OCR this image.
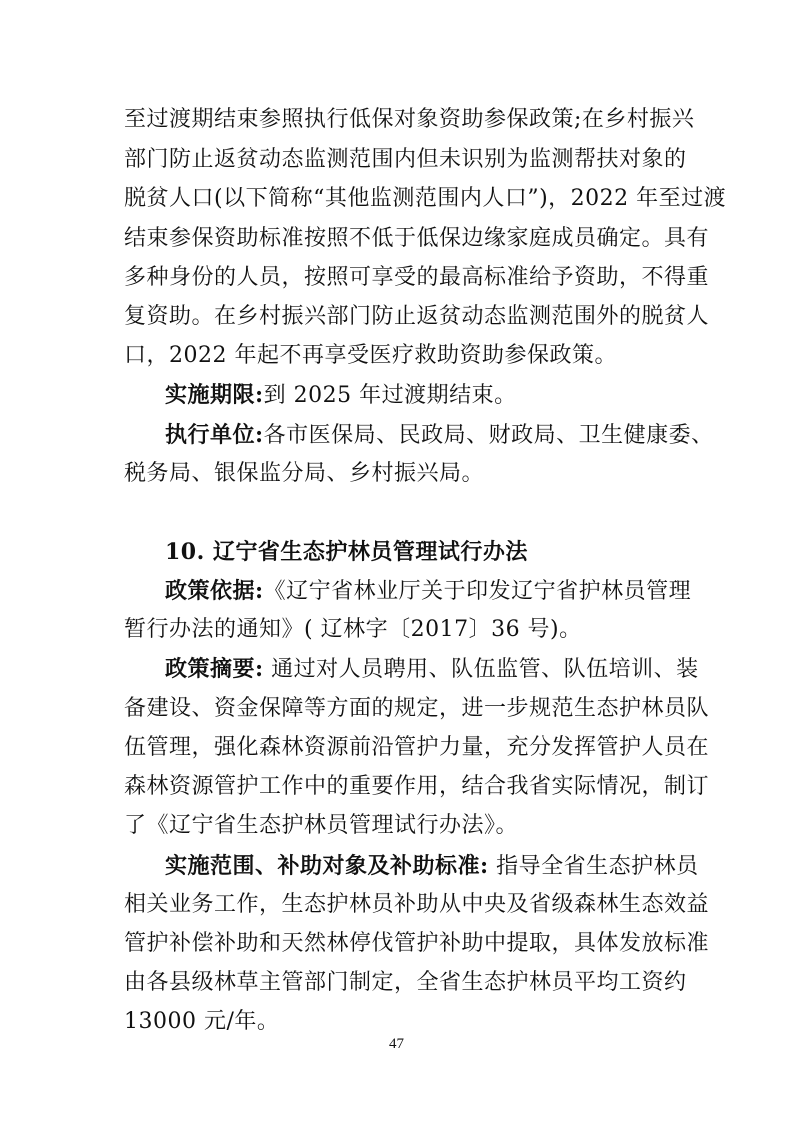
至过渡期结束参照执行低保对象资助参保政策;在乡村振兴
部门防止返贫动态监测范围内但未识别为监测帮扶对象的
脱贫人口(以下简称“其他监测范围内人口”)，2022 年至过渡
结束参保资助标准按照不低于低保边缘家庭成员确定。具有
多种身份的人员，按照可享受的最高标准给予资助，不得重
复资助。在乡村振兴部门防止返贫动态监测范围外的脱贫人
口，2022 年起不再享受医疗救助资助参保政策。
实施期限:到 2025 年过渡期结束。
执行单位:各市医保局、民政局、财政局、卫生健康委、
税务局、银保监分局、乡村振兴局。
10. 辽宁省生态护林员管理试行办法
政策依据:《辽宁省林业厅关于印发辽宁省护林员管理
暂行办法的通知》( 辽林字〔2017〕36 号)。
政策摘要: 通过对人员聘用、队伍监管、队伍培训、装
备建设、资金保障等方面的规定，进一步规范生态护林员队
伍管理，强化森林资源前沿管护力量，充分发挥管护人员在
森林资源管护工作中的重要作用，结合我省实际情况，制订
了《辽宁省生态护林员管理试行办法》。
实施范围、补助对象及补助标准: 指导全省生态护林员
相关业务工作，生态护林员补助从中央及省级森林生态效益
管护补偿补助和天然林停伐管护补助中提取，具体发放标准
由各县级林草主管部门制定，全省生态护林员平均工资约
13000 元/年。
47
